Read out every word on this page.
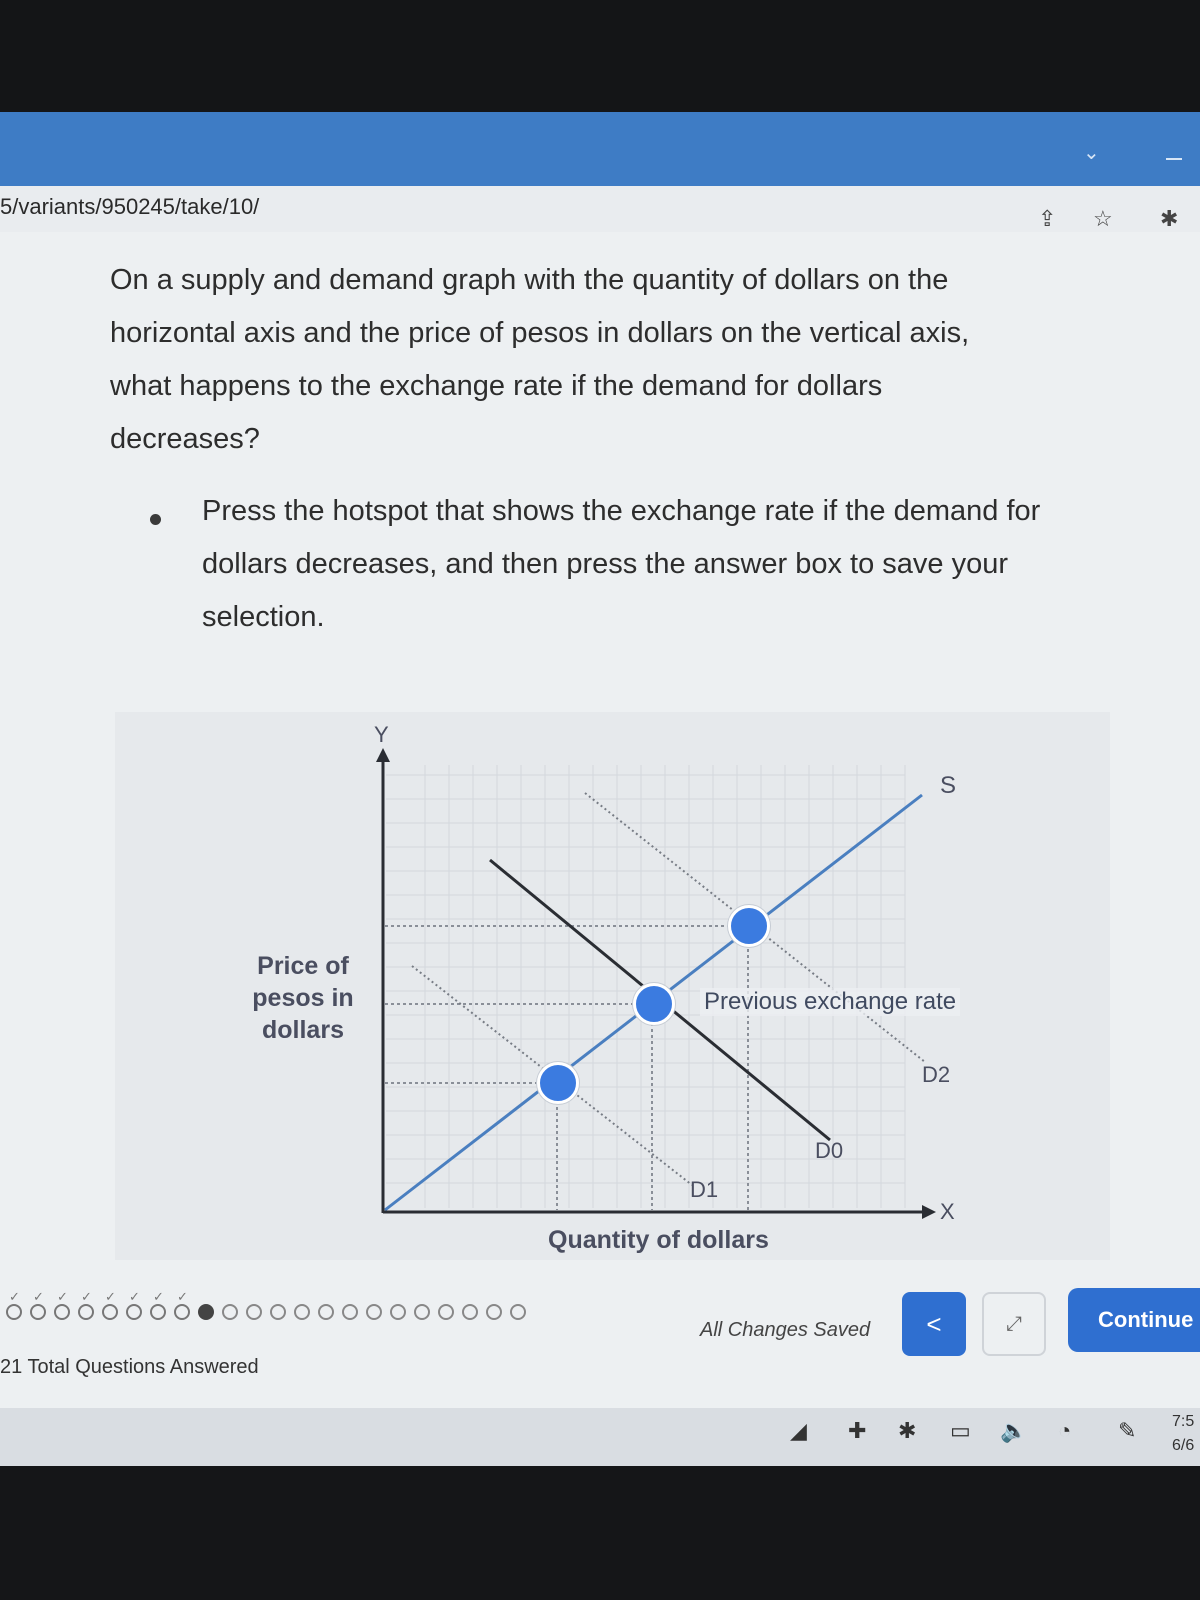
⌄
5/variants/950245/take/10/	⇪ ☆ ✱
On a supply and demand graph with the quantity of dollars on the horizontal axis and the price of pesos in dollars on the vertical axis, what happens to the exchange rate if the demand for dollars decreases?
Press the hotspot that shows the exchange rate if the demand for dollars decreases, and then press the answer box to save your selection.
Y
X
S
D0
D1
D2
Price of pesos in dollars
Quantity of dollars
Previous exchange rate
✓
✓
✓
✓
✓
✓
✓
✓
All Changes Saved
21 Total Questions Answered
<	⤢	Continue
◢ ✚ ✱ ▭ 🔈 ◔ ✎ 7:5
6/6
